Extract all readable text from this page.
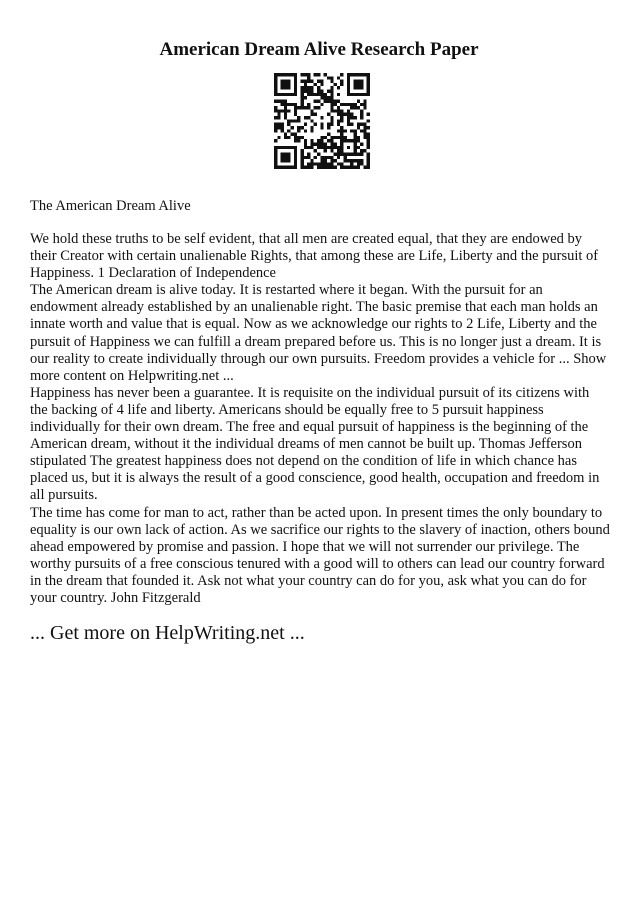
American Dream Alive Research Paper
The American Dream Alive

We hold these truths to be self evident, that all men are created equal, that they are endowed by their Creator with certain unalienable Rights, that among these are Life, Liberty and the pursuit of Happiness. 1 Declaration of Independence

The American dream is alive today. It is restarted where it began. With the pursuit for an endowment already established by an unalienable right. The basic premise that each man holds an innate worth and value that is equal. Now as we acknowledge our rights to 2 Life, Liberty and the pursuit of Happiness we can fulfill a dream prepared before us. This is no longer just a dream. It is our reality to create individually through our own pursuits. Freedom provides a vehicle for ... Show more content on Helpwriting.net ...

Happiness has never been a guarantee. It is requisite on the individual pursuit of its citizens with the backing of 4 life and liberty. Americans should be equally free to 5 pursuit happiness individually for their own dream. The free and equal pursuit of happiness is the beginning of the American dream, without it the individual dreams of men cannot be built up. Thomas Jefferson stipulated The greatest happiness does not depend on the condition of life in which chance has placed us, but it is always the result of a good conscience, good health, occupation and freedom in all pursuits.

The time has come for man to act, rather than be acted upon. In present times the only boundary to equality is our own lack of action. As we sacrifice our rights to the slavery of inaction, others bound ahead empowered by promise and passion. I hope that we will not surrender our privilege. The worthy pursuits of a free conscious tenured with a good will to others can lead our country forward in the dream that founded it. Ask not what your country can do for you, ask what you can do for your country. John Fitzgerald

... Get more on HelpWriting.net ...
